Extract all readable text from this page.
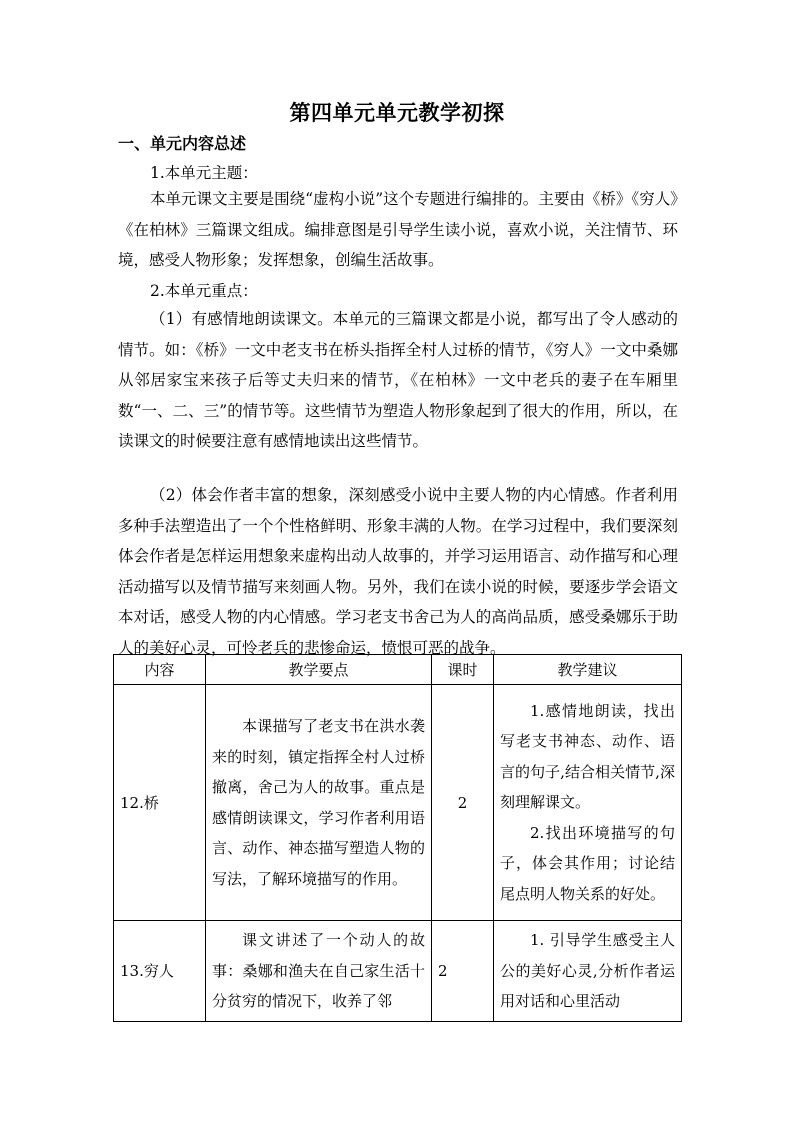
第四单元单元教学初探
一、单元内容总述
1.本单元主题：

本单元课文主要是围绕“虚构小说”这个专题进行编排的。主要由《桥》《穷人》《在柏林》三篇课文组成。编排意图是引导学生读小说，喜欢小说，关注情节、环境，感受人物形象；发挥想象，创编生活故事。

2.本单元重点：

（1）有感情地朗读课文。本单元的三篇课文都是小说，都写出了令人感动的情节。如：《桥》一文中老支书在桥头指挥全村人过桥的情节，《穷人》一文中桑娜从邻居家宝来孩子后等丈夫归来的情节，《在柏林》一文中老兵的妻子在车厢里数“一、二、三”的情节等。这些情节为塑造人物形象起到了很大的作用，所以，在读课文的时候要注意有感情地读出这些情节。

（2）体会作者丰富的想象，深刻感受小说中主要人物的内心情感。作者利用多种手法塑造出了一个个性格鲜明、形象丰满的人物。在学习过程中，我们要深刻体会作者是怎样运用想象来虚构出动人故事的，并学习运用语言、动作描写和心理活动描写以及情节描写来刻画人物。另外，我们在读小说的时候，要逐步学会语文本对话，感受人物的内心情感。学习老支书舍己为人的高尚品质，感受桑娜乐于助人的美好心灵，可怜老兵的悲惨命运，愤恨可恶的战争。

内容	教学要点	课时	教学建议
12.桥	本课描写了老支书在洪水袭来的时刻，镇定指挥全村人过桥撤离，舍己为人的故事。重点是感情朗读课文，学习作者利用语言、动作、神态描写塑造人物的写法，了解环境描写的作用。	2	1.感情地朗读，找出写老支书神态、动作、语言的句子,结合相关情节,深刻理解课文。
2.找出环境描写的句子，体会其作用；讨论结尾点明人物关系的好处。

13.穷人	课文讲述了一个动人的故事：桑娜和渔夫在自己家生活十分贫穷的情况下，收养了邻	2	1. 引导学生感受主人公的美好心灵,分析作者运用对话和心里活动
